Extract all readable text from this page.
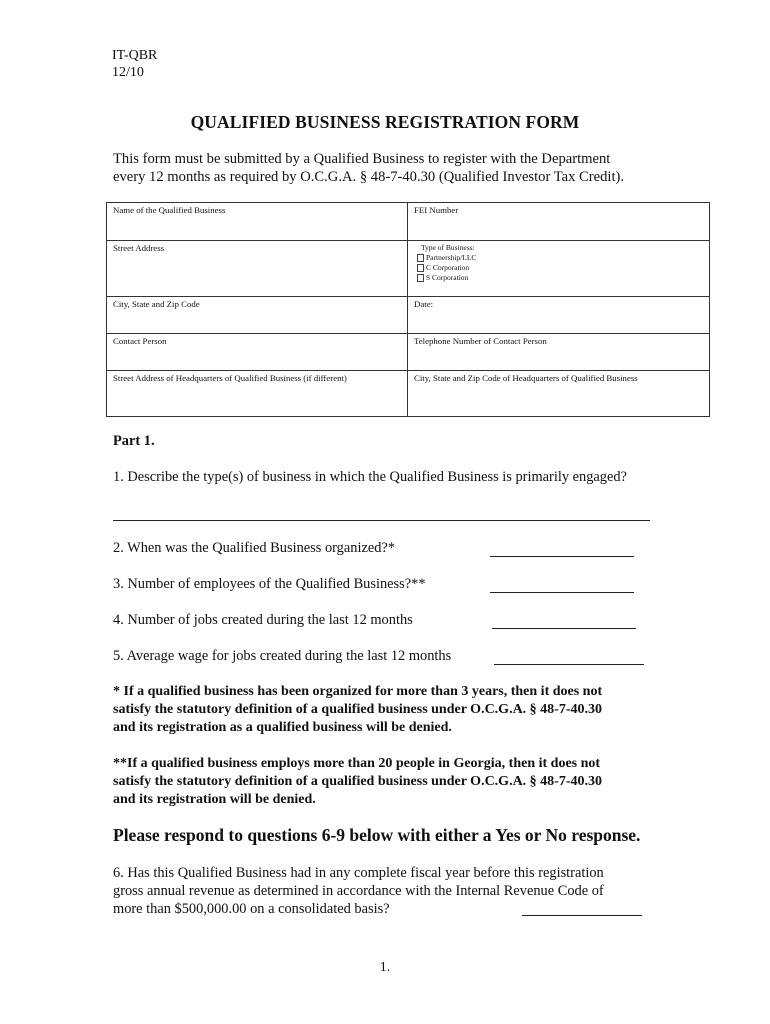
IT-QBR
12/10
QUALIFIED BUSINESS REGISTRATION FORM
This form must be submitted by a Qualified Business to register with the Department
every 12 months as required by O.C.G.A. § 48-7-40.30 (Qualified Investor Tax Credit).
Name of the Qualified Business	FEI Number
Street Address	Type of Business:
Partnership/LLC
C Corporation
S Corporation

City, State and Zip Code	Date:
Contact Person	Telephone Number of Contact Person
Street Address of Headquarters of Qualified Business (if different)	City, State and Zip Code of Headquarters of Qualified Business
Part 1.
1. Describe the type(s) of business in which the Qualified Business is primarily engaged?
2. When was the Qualified Business organized?*
3. Number of employees of the Qualified Business?**
4. Number of jobs created during the last 12 months
5. Average wage for jobs created during the last 12 months
* If a qualified business has been organized for more than 3 years, then it does not
satisfy the statutory definition of a qualified business under O.C.G.A. § 48-7-40.30
and its registration as a qualified business will be denied.
**If a qualified business employs more than 20 people in Georgia, then it does not
satisfy the statutory definition of a qualified business under O.C.G.A. § 48-7-40.30
and its registration will be denied.
Please respond to questions 6-9 below with either a Yes or No response.
6. Has this Qualified Business had in any complete fiscal year before this registration
gross annual revenue as determined in accordance with the Internal Revenue Code of
more than $500,000.00 on a consolidated basis?
1.
